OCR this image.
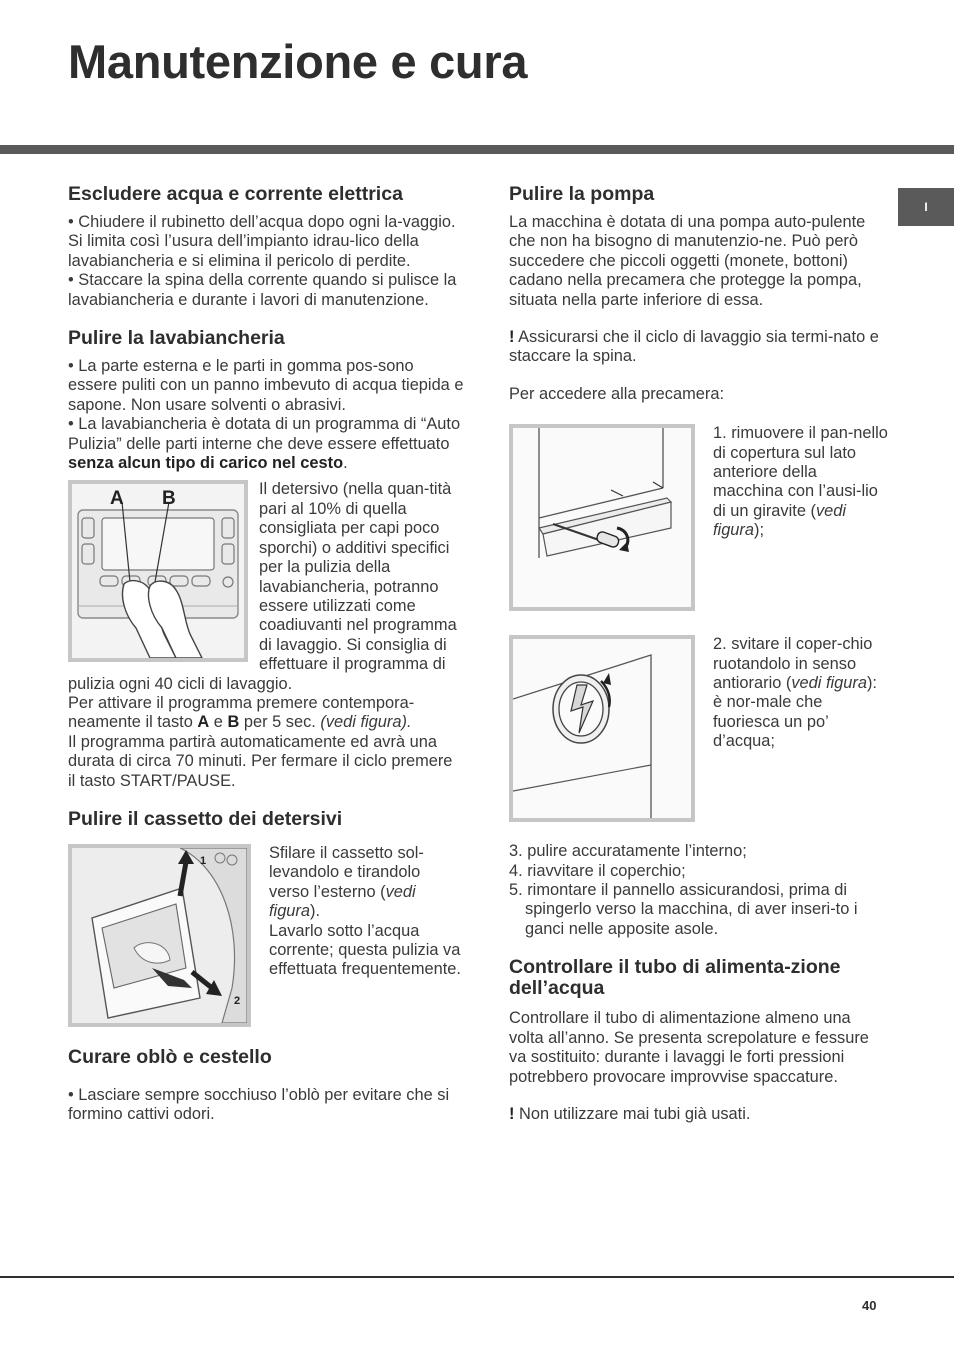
Manutenzione e cura
I
Escludere acqua e corrente elettrica

• Chiudere il rubinetto dell’acqua dopo ogni la-vaggio. Si limita così l’usura dell’impianto idrau-lico della lavabiancheria e si elimina il pericolo di perdite.

• Staccare la spina della corrente quando si pulisce la lavabiancheria e durante i lavori di manutenzione.

Pulire la lavabiancheria

• La parte esterna e le parti in gomma pos-sono essere puliti con un panno imbevuto di acqua tiepida e sapone. Non usare solventi o abrasivi.

• La lavabiancheria è dotata di un programma di “Auto Pulizia” delle parti interne che deve essere effettuato senza alcun tipo di carico nel cesto.

A B	Il detersivo (nella quan-tità pari al 10% di quella consigliata per capi poco sporchi) o additivi specifici per la pulizia della lavabiancheria, potranno essere utilizzati come coadiuvanti nel programma di lavaggio. Si consiglia di effettuare il programma di pulizia ogni 40 cicli di lavaggio.

Per attivare il programma premere contempora-neamente il tasto A e B per 5 sec. (vedi figura).

Il programma partirà automaticamente ed avrà una durata di circa 70 minuti. Per fermare il ciclo premere il tasto START/PAUSE.

Pulire il cassetto dei detersivi
1
2

Sfilare il cassetto sol-levandolo e tirandolo verso l’esterno (vedi figura).

Lavarlo sotto l’acqua corrente; questa pulizia va effettuata frequentemente.

Curare oblò e cestello

• Lasciare sempre socchiuso l’oblò per evitare che si formino cattivi odori.

Pulire la pompa

La macchina è dotata di una pompa auto-pulente che non ha bisogno di manutenzio-ne. Può però succedere che piccoli oggetti (monete, bottoni) cadano nella precamera che protegge la pompa, situata nella parte inferiore di essa.

! Assicurarsi che il ciclo di lavaggio sia termi-nato e staccare la spina.

Per accedere alla precamera:

1. rimuovere il pan-nello di copertura sul lato anteriore della macchina con l’ausi-lio di un giravite (vedi figura);

2. svitare il coper-chio ruotandolo in senso antiorario (vedi figura): è nor-male che fuoriesca un po’ d’acqua;

3. pulire accuratamente l’interno;

4. riavvitare il coperchio;

5. rimontare il pannello assicurandosi, prima di spingerlo verso la macchina, di aver inseri-to i ganci nelle apposite asole.

Controllare il tubo di alimenta-zione dell’acqua

Controllare il tubo di alimentazione almeno una volta all’anno. Se presenta screpolature e fessure va sostituito: durante i lavaggi le forti pressioni potrebbero provocare improvvise spaccature.

! Non utilizzare mai tubi già usati.

40
